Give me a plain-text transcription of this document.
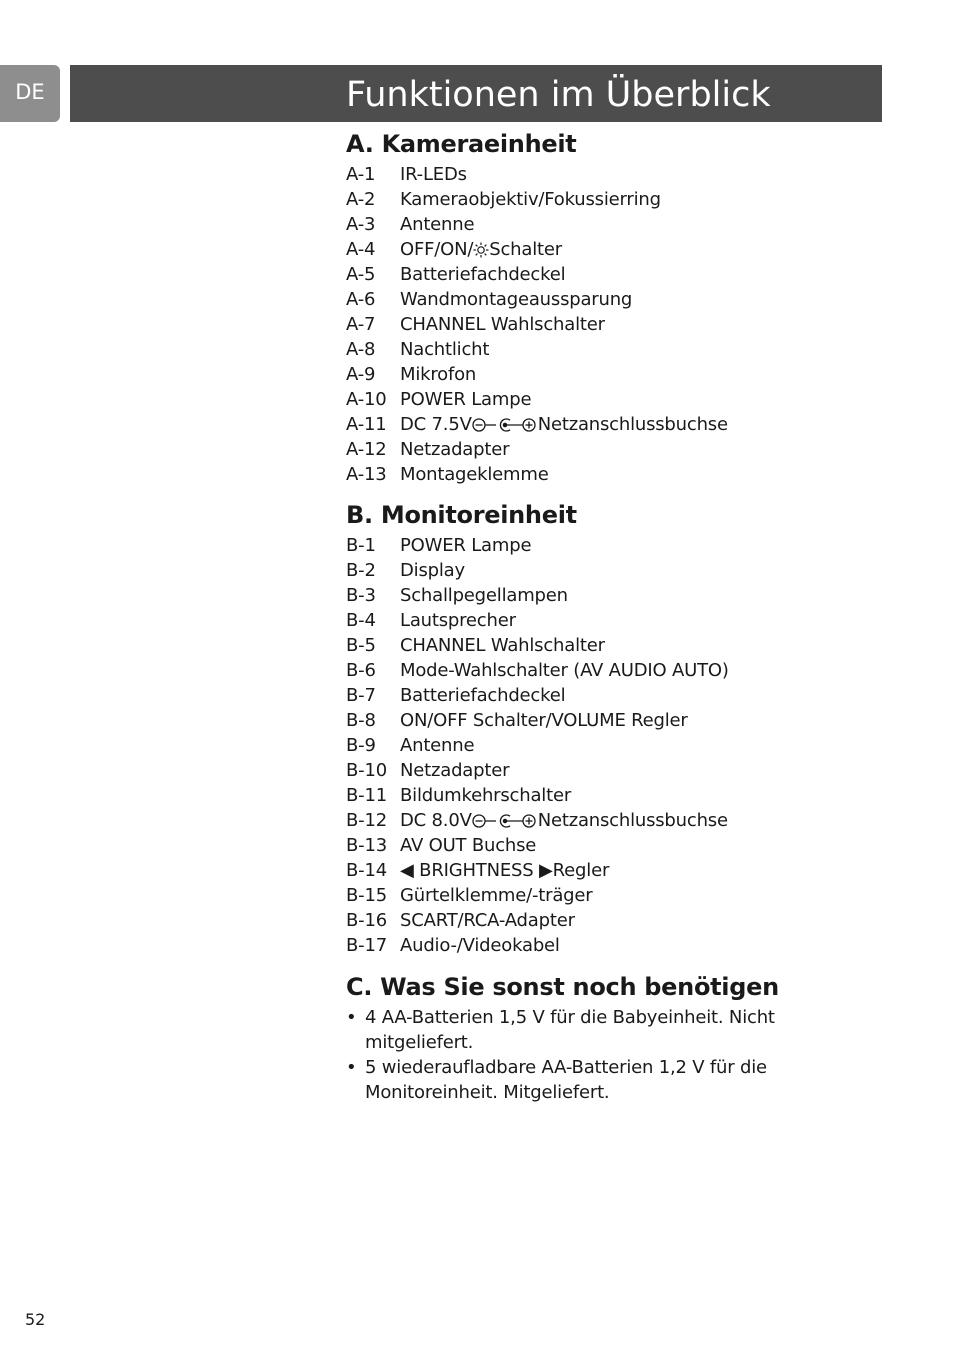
DE	Funktionen im Überblick
A. Kameraeinheit
A-1	IR-LEDs
A-2	Kameraobjektiv/Fokussierring
A-3	Antenne
A-4	OFF/ON/ Schalter
A-5	Batteriefachdeckel
A-6	Wandmontageaussparung
A-7	CHANNEL Wahlschalter
A-8	Nachtlicht
A-9	Mikrofon
A-10 POWER Lampe
A-11 DC 7.5V	Netzanschlussbuchse
A-12 Netzadapter
A-13 Montageklemme
B. Monitoreinheit
B-1	POWER Lampe
B-2	Display
B-3	Schallpegellampen
B-4	Lautsprecher
B-5	CHANNEL Wahlschalter
B-6	Mode-Wahlschalter (AV AUDIO AUTO)
B-7	Batteriefachdeckel
B-8	ON/OFF Schalter/VOLUME Regler
B-9	Antenne
B-10 Netzadapter
B-11 Bildumkehrschalter
B-12 DC 8.0V	Netzanschlussbuchse
B-13 AV OUT Buchse
B-14 ◀ BRIGHTNESS ▶ Regler
B-15 Gürtelklemme/-träger
B-16 SCART/RCA-Adapter
B-17 Audio-/Videokabel
C. Was Sie sonst noch benötigen
• 4 AA-Batterien 1,5 V für die Babyeinheit. Nicht mitgeliefert.
• 5 wiederaufladbare AA-Batterien 1,2 V für die Monitoreinheit. Mitgeliefert.
52
